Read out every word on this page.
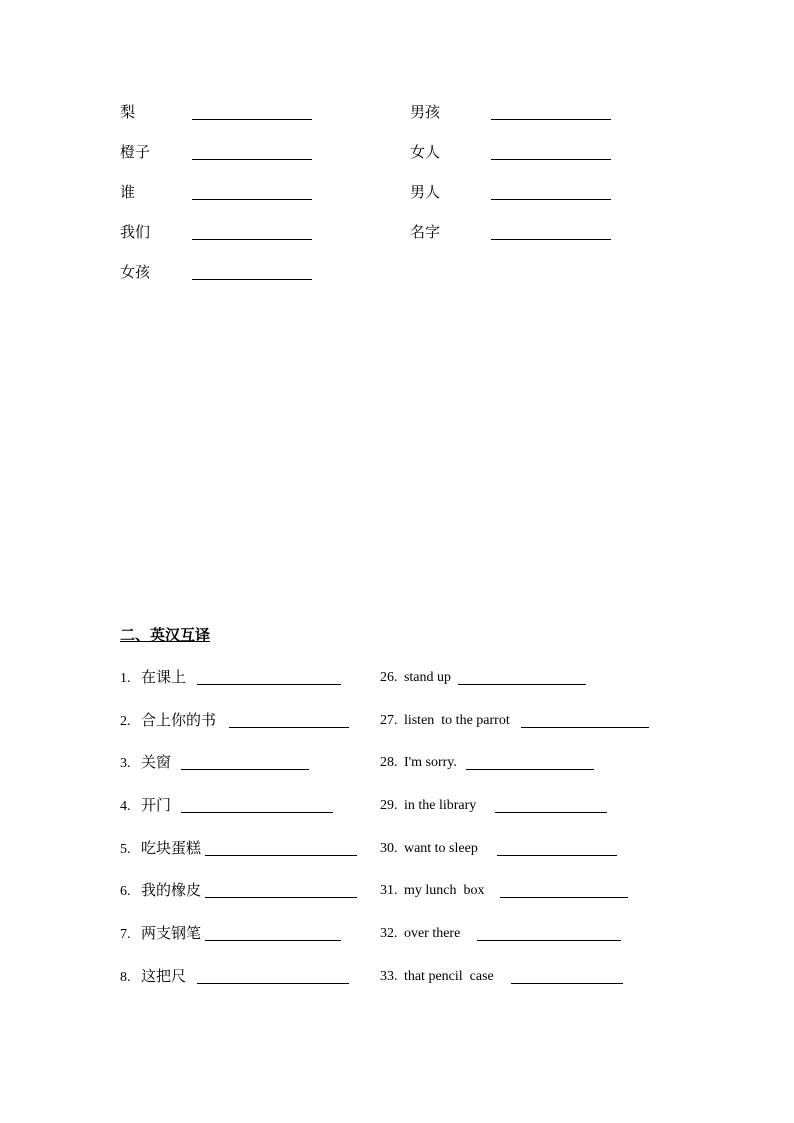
梨
橙子
谁
我们
女孩
男孩
女人
男人
名字
二、英汉互译
1. 在课上
2. 合上你的书
3. 关窗
4. 开门
5. 吃块蛋糕
6. 我的橡皮
7. 两支钢笔
8. 这把尺
26. stand up
27. listen  to the parrot
28. I'm sorry.
29. in the library
30. want to sleep
31. my lunch  box
32. over there
33. that pencil  case
